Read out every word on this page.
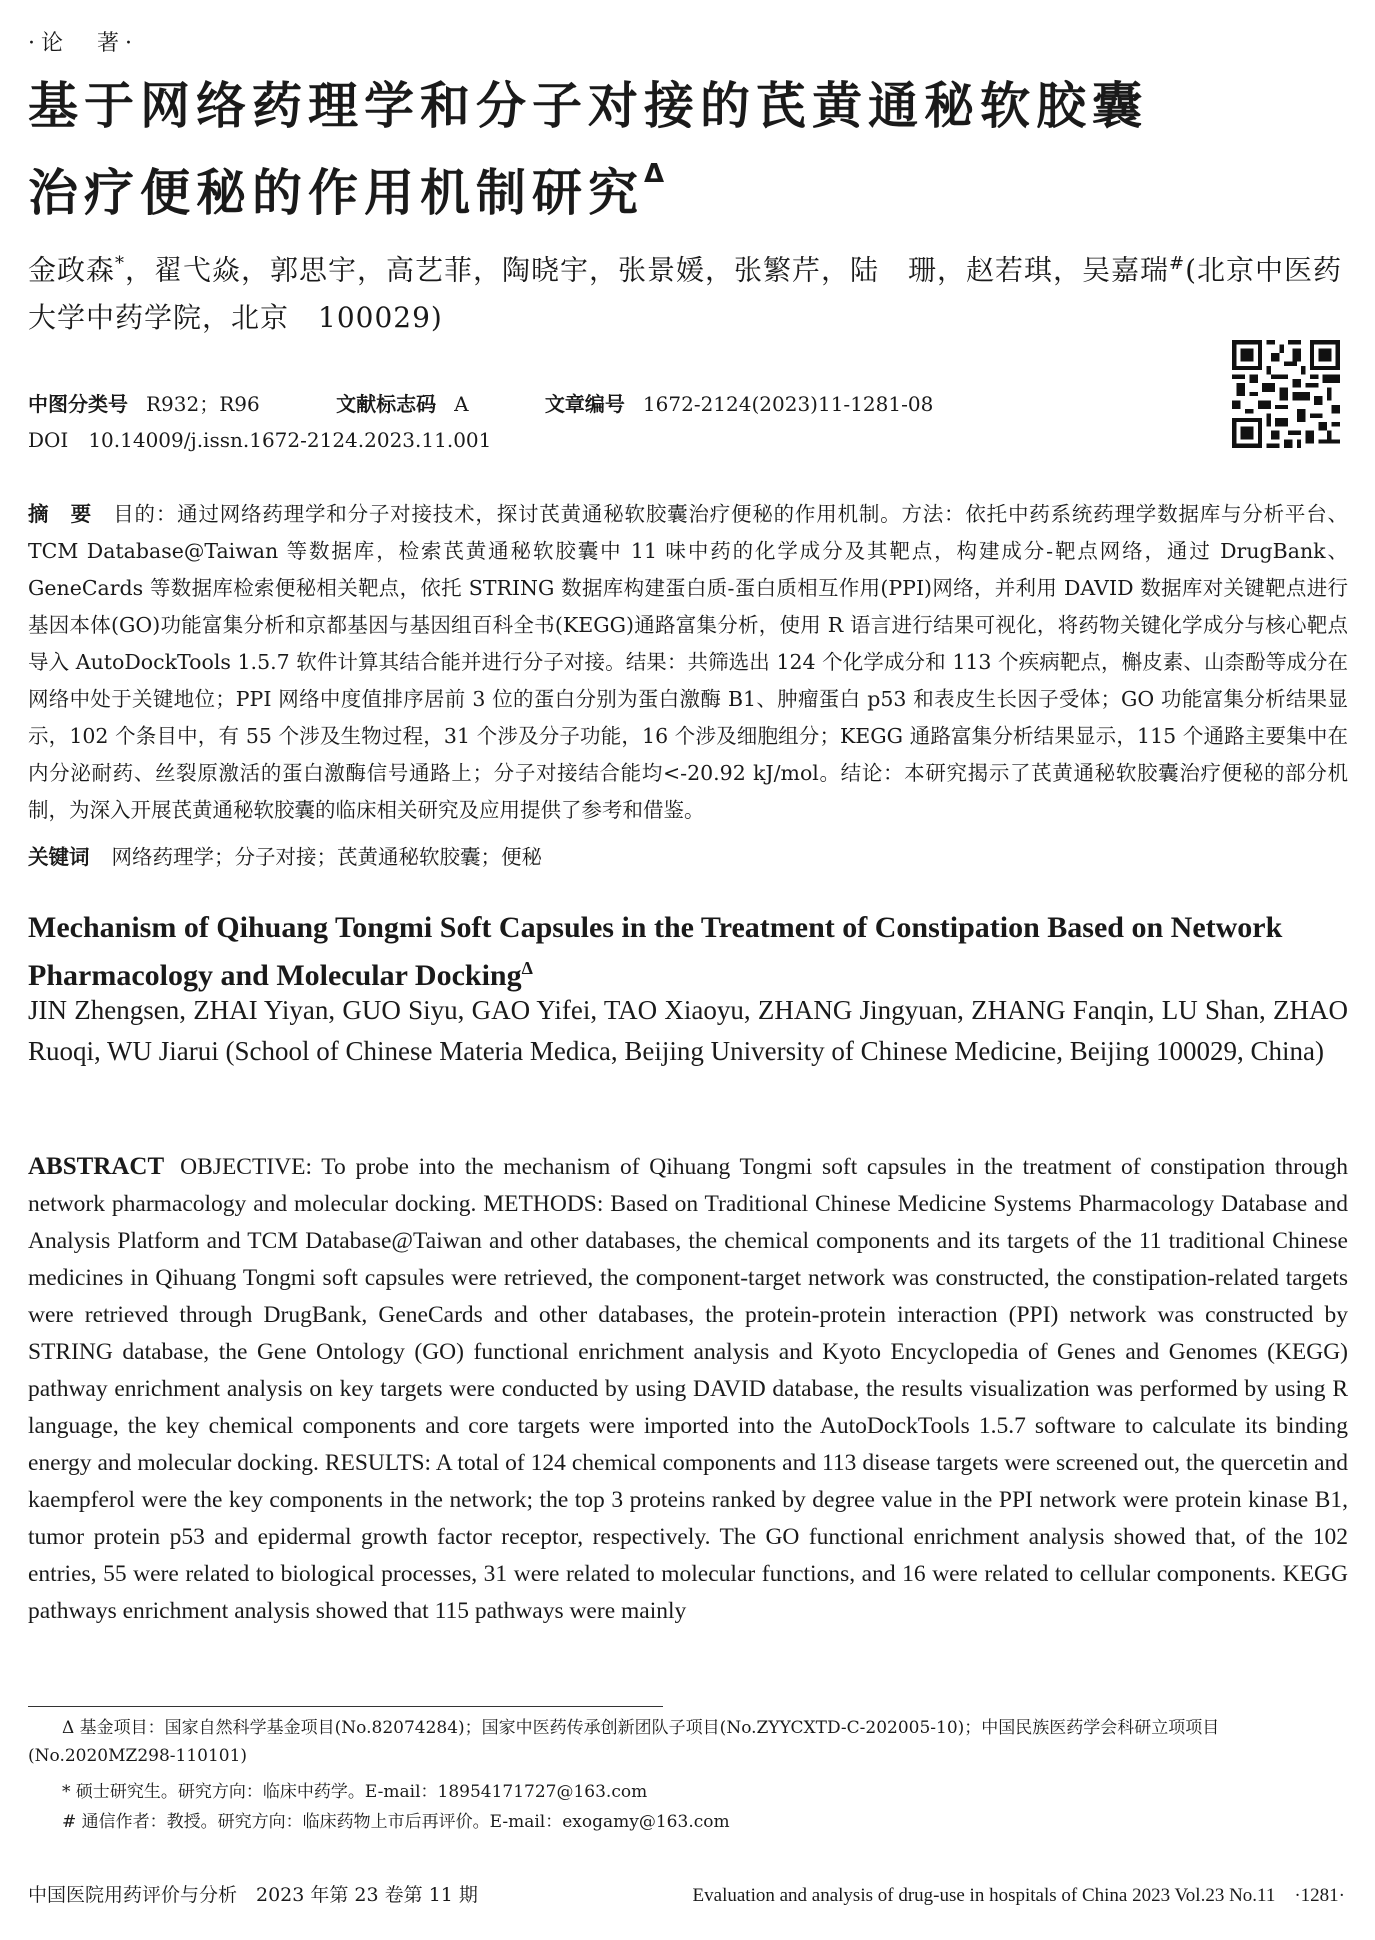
·论　著·
基于网络药理学和分子对接的芪黄通秘软胶囊
治疗便秘的作用机制研究$^\Delta$
金政森*，翟弋焱，郭思宇，高艺菲，陶晓宇，张景媛，张繁芹，陆　珊，赵若琪，吴嘉瑞#(北京中医药大学中药学院，北京　100029)
中图分类号 R932；R96	文献标志码 A	文章编号 1672-2124(2023)11-1281-08
DOI　10.14009/j.issn.1672-2124.2023.11.001
摘　要　 目的：通过网络药理学和分子对接技术，探讨芪黄通秘软胶囊治疗便秘的作用机制。方法：依托中药系统药理学数据库与分析平台、TCM Database@Taiwan 等数据库，检索芪黄通秘软胶囊中 11 味中药的化学成分及其靶点，构建成分-靶点网络，通过 DrugBank、GeneCards 等数据库检索便秘相关靶点，依托 STRING 数据库构建蛋白质-蛋白质相互作用(PPI)网络，并利用 DAVID 数据库对关键靶点进行基因本体(GO)功能富集分析和京都基因与基因组百科全书(KEGG)通路富集分析，使用 R 语言进行结果可视化，将药物关键化学成分与核心靶点导入 AutoDockTools 1.5.7 软件计算其结合能并进行分子对接。结果：共筛选出 124 个化学成分和 113 个疾病靶点，槲皮素、山柰酚等成分在网络中处于关键地位；PPI 网络中度值排序居前 3 位的蛋白分别为蛋白激酶 B1、肿瘤蛋白 p53 和表皮生长因子受体；GO 功能富集分析结果显示，102 个条目中，有 55 个涉及生物过程，31 个涉及分子功能，16 个涉及细胞组分；KEGG 通路富集分析结果显示，115 个通路主要集中在内分泌耐药、丝裂原激活的蛋白激酶信号通路上；分子对接结合能均<-20.92 kJ/mol。结论：本研究揭示了芪黄通秘软胶囊治疗便秘的部分机制，为深入开展芪黄通秘软胶囊的临床相关研究及应用提供了参考和借鉴。
关键词 网络药理学；分子对接；芪黄通秘软胶囊；便秘
Mechanism of Qihuang Tongmi Soft Capsules in the Treatment of Constipation Based on Network Pharmacology and Molecular Docking$^\Delta$
JIN Zhengsen, ZHAI Yiyan, GUO Siyu, GAO Yifei, TAO Xiaoyu, ZHANG Jingyuan, ZHANG Fanqin, LU Shan, ZHAO Ruoqi, WU Jiarui (School of Chinese Materia Medica, Beijing University of Chinese Medicine, Beijing 100029, China)
ABSTRACT OBJECTIVE: To probe into the mechanism of Qihuang Tongmi soft capsules in the treatment of constipation through network pharmacology and molecular docking. METHODS: Based on Traditional Chinese Medicine Systems Pharmacology Database and Analysis Platform and TCM Database@Taiwan and other databases, the chemical components and its targets of the 11 traditional Chinese medicines in Qihuang Tongmi soft capsules were retrieved, the component-target network was constructed, the constipation-related targets were retrieved through DrugBank, GeneCards and other databases, the protein-protein interaction (PPI) network was constructed by STRING database, the Gene Ontology (GO) functional enrichment analysis and Kyoto Encyclopedia of Genes and Genomes (KEGG) pathway enrichment analysis on key targets were conducted by using DAVID database, the results visualization was performed by using R language, the key chemical components and core targets were imported into the AutoDockTools 1.5.7 software to calculate its binding energy and molecular docking. RESULTS: A total of 124 chemical components and 113 disease targets were screened out, the quercetin and kaempferol were the key components in the network; the top 3 proteins ranked by degree value in the PPI network were protein kinase B1, tumor protein p53 and epidermal growth factor receptor, respectively. The GO functional enrichment analysis showed that, of the 102 entries, 55 were related to biological processes, 31 were related to molecular functions, and 16 were related to cellular components. KEGG pathways enrichment analysis showed that 115 pathways were mainly
Δ 基金项目：国家自然科学基金项目(No.82074284)；国家中医药传承创新团队子项目(No.ZYYCXTD-C-202005-10)；中国民族医药学会科研立项项目(No.2020MZ298-110101)
* 硕士研究生。研究方向：临床中药学。E-mail：18954171727@163.com
# 通信作者：教授。研究方向：临床药物上市后再评价。E-mail：exogamy@163.com
中国医院用药评价与分析　2023 年第 23 卷第 11 期	Evaluation and analysis of drug-use in hospitals of China 2023 Vol.23 No.11　·1281·
